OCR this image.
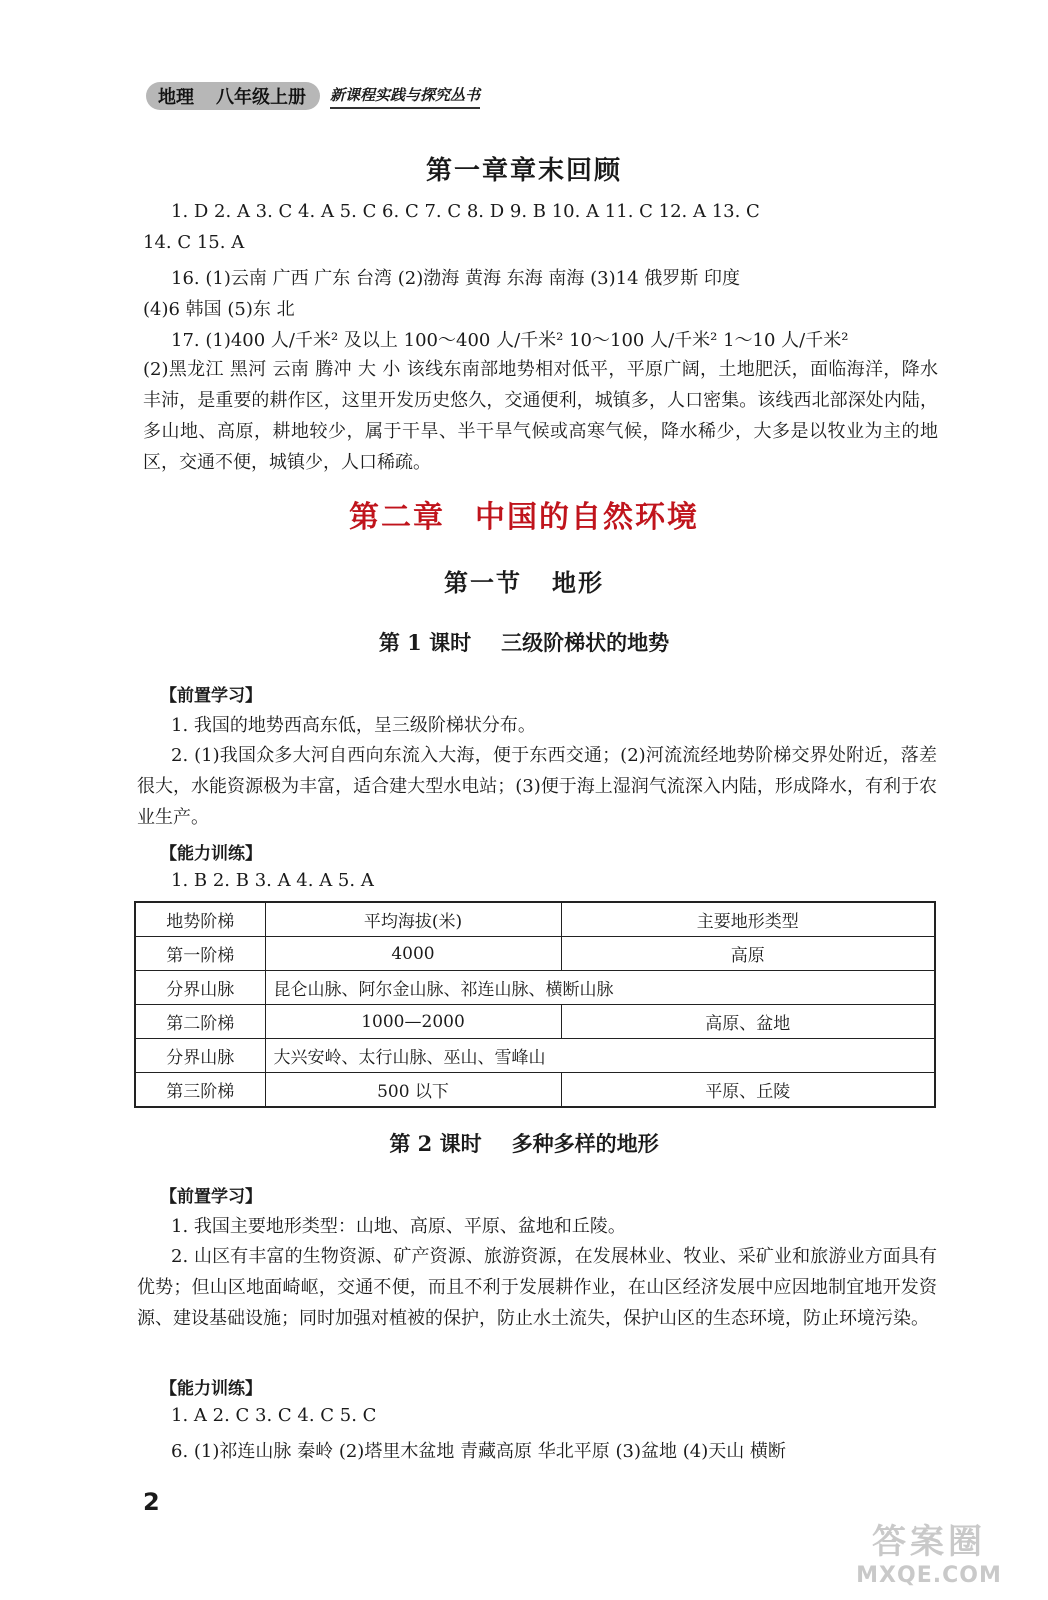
地理 八年级上册 新课程实践与探究丛书
第一章章末回顾
1. D 2. A 3. C 4. A 5. C 6. C 7. C 8. D 9. B 10. A 11. C 12. A 13. C
14. C 15. A
16. (1)云南 广西 广东 台湾 (2)渤海 黄海 东海 南海 (3)14 俄罗斯 印度
(4)6 韩国 (5)东 北
17. (1)400 人/千米² 及以上 100～400 人/千米² 10～100 人/千米² 1～10 人/千米²
(2)黑龙江 黑河 云南 腾冲 大 小 该线东南部地势相对低平，平原广阔，土地肥沃，面临海洋，降水丰沛，是重要的耕作区，这里开发历史悠久，交通便利，城镇多，人口密集。该线西北部深处内陆，多山地、高原，耕地较少，属于干旱、半干旱气候或高寒气候，降水稀少，大多是以牧业为主的地区，交通不便，城镇少，人口稀疏。
第二章 中国的自然环境
第一节 地形
第 1 课时 三级阶梯状的地势
【前置学习】
1. 我国的地势西高东低，呈三级阶梯状分布。
2. (1)我国众多大河自西向东流入大海，便于东西交通；(2)河流流经地势阶梯交界处附近，落差很大，水能资源极为丰富，适合建大型水电站；(3)便于海上湿润气流深入内陆，形成降水，有利于农业生产。
【能力训练】
1. B 2. B 3. A 4. A 5. A
地势阶梯	平均海拔(米)	主要地形类型
第一阶梯	4000	高原
分界山脉	昆仑山脉、阿尔金山脉、祁连山脉、横断山脉	
第二阶梯	1000—2000	高原、盆地
分界山脉	大兴安岭、太行山脉、巫山、雪峰山	
第三阶梯	500 以下	平原、丘陵
第 2 课时 多种多样的地形
【前置学习】
1. 我国主要地形类型：山地、高原、平原、盆地和丘陵。
2. 山区有丰富的生物资源、矿产资源、旅游资源，在发展林业、牧业、采矿业和旅游业方面具有优势；但山区地面崎岖，交通不便，而且不利于发展耕作业，在山区经济发展中应因地制宜地开发资源、建设基础设施；同时加强对植被的保护，防止水土流失，保护山区的生态环境，防止环境污染。
【能力训练】
1. A 2. C 3. C 4. C 5. C
6. (1)祁连山脉 秦岭 (2)塔里木盆地 青藏高原 华北平原 (3)盆地 (4)天山 横断
2
答案圈
MXQE.COM
